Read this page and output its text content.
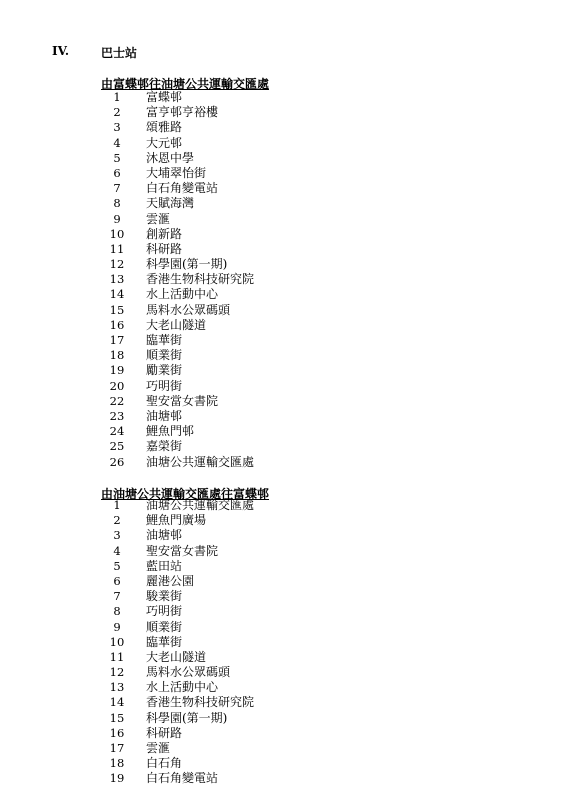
IV.	巴士站
由富蝶邨往油塘公共運輸交匯處
1	富蝶邨
2	富亨邨亨裕樓
3	頌雅路
4	大元邨
5	沐恩中學
6	大埔翠怡街
7	白石角變電站
8	天賦海灣
9	雲滙
10 創新路
11 科研路
12 科學園(第一期)
13 香港生物科技研究院
14 水上活動中心
15 馬料水公眾碼頭
16 大老山隧道
17 臨華街
18 順業街
19 勵業街
20 巧明街
22 聖安當女書院
23 油塘邨
24 鯉魚門邨
25 嘉榮街
26 油塘公共運輸交匯處
由油塘公共運輸交匯處往富蝶邨
1	油塘公共運輸交匯處
2	鯉魚門廣場
3	油塘邨
4	聖安當女書院
5	藍田站
6	麗港公園
7	駿業街
8	巧明街
9	順業街
10 臨華街
11 大老山隧道
12 馬料水公眾碼頭
13 水上活動中心
14 香港生物科技研究院
15 科學園(第一期)
16 科研路
17 雲滙
18 白石角
19 白石角變電站
